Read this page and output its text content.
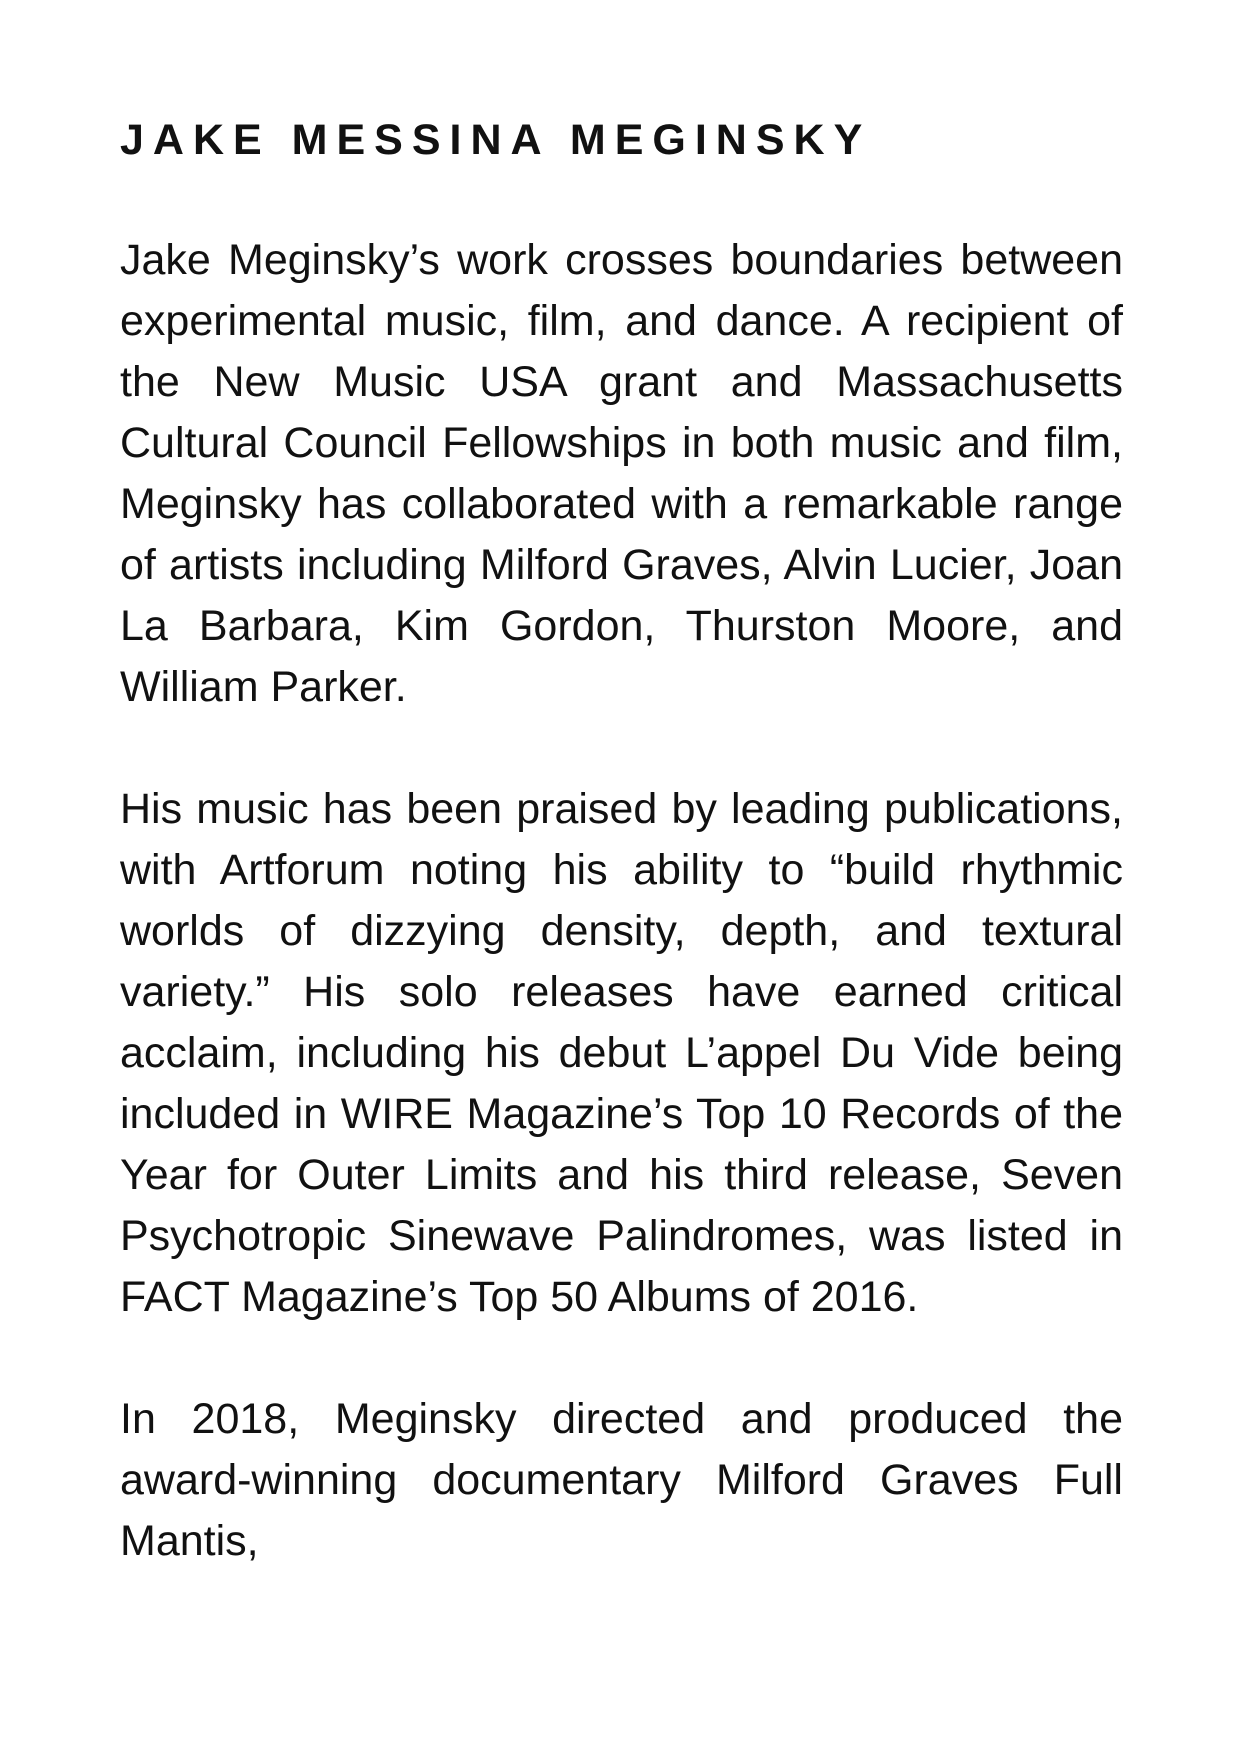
JAKE MESSINA MEGINSKY

Jake Meginsky’s work crosses boundaries between experimental music, film, and dance. A recipient of the New Music USA grant and Massachusetts Cultural Council Fellowships in both music and film, Meginsky has collaborated with a remarkable range of artists including Milford Graves, Alvin Lucier, Joan La Barbara, Kim Gordon, Thurston Moore, and William Parker.

His music has been praised by leading publications, with Artforum noting his ability to “build rhythmic worlds of dizzying density, depth, and textural variety.” His solo releases have earned critical acclaim, including his debut L’appel Du Vide being included in WIRE Magazine’s Top 10 Records of the Year for Outer Limits and his third release, Seven Psychotropic Sinewave Palindromes, was listed in FACT Magazine’s Top 50 Albums of 2016.

In 2018, Meginsky directed and produced the award-winning documentary Milford Graves Full Mantis,
